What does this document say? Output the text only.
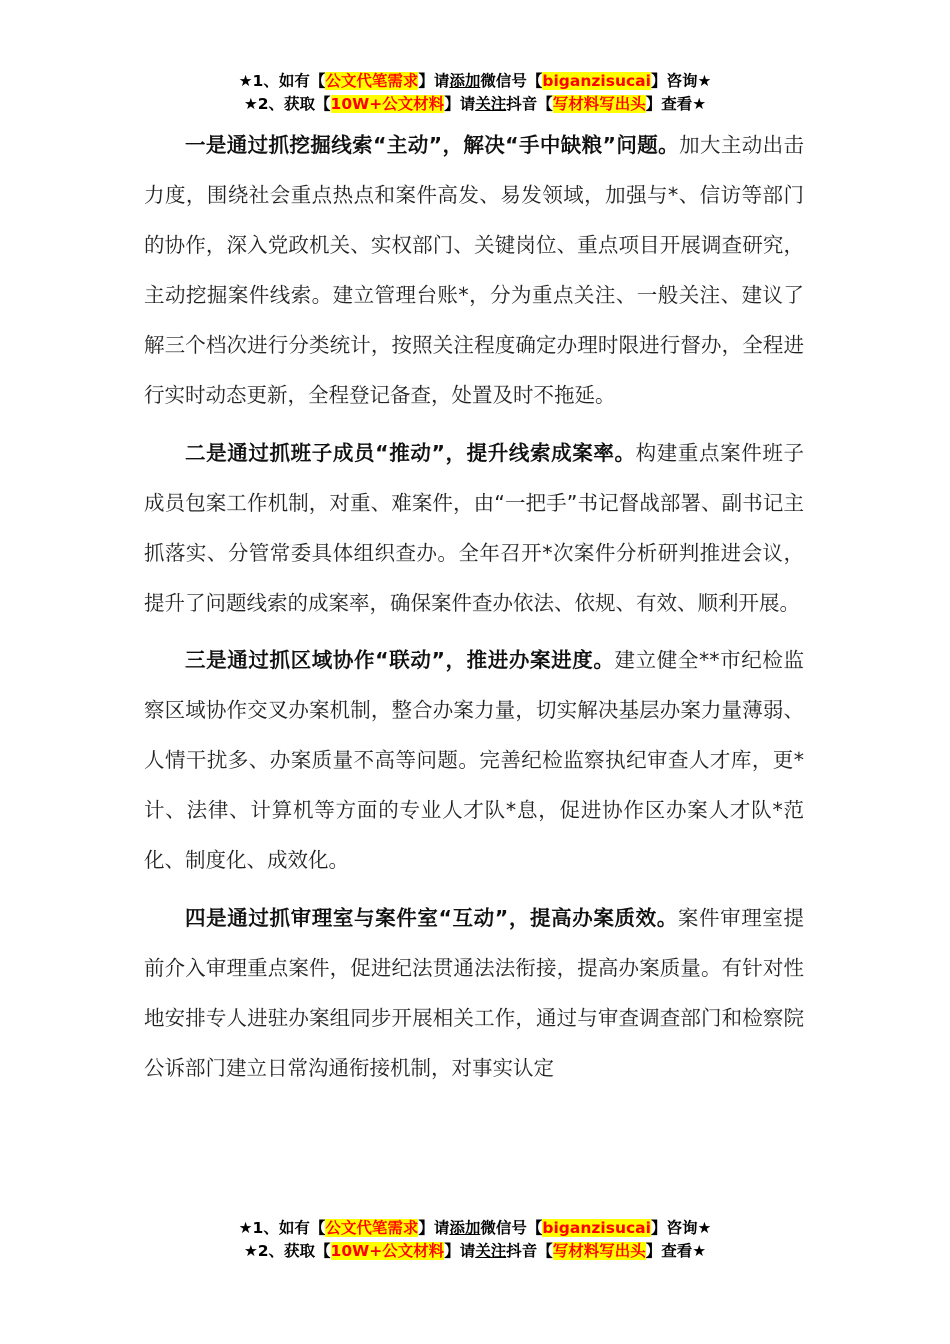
★1、如有【公文代笔需求】请添加微信号【biganzisucai】咨询★
★2、获取【10W+公文材料】请关注抖音【写材料写出头】查看★

一是通过抓挖掘线索“主动”，解决“手中缺粮”问题。加大主动出击力度，围绕社会重点热点和案件高发、易发领域，加强与*、信访等部门的协作，深入党政机关、实权部门、关键岗位、重点项目开展调查研究，主动挖掘案件线索。建立管理台账*，分为重点关注、一般关注、建议了解三个档次进行分类统计，按照关注程度确定办理时限进行督办，全程进行实时动态更新，全程登记备查，处置及时不拖延。

二是通过抓班子成员“推动”，提升线索成案率。构建重点案件班子成员包案工作机制，对重、难案件，由“一把手”书记督战部署、副书记主抓落实、分管常委具体组织查办。全年召开*次案件分析研判推进会议，提升了问题线索的成案率，确保案件查办依法、依规、有效、顺利开展。

三是通过抓区域协作“联动”，推进办案进度。建立健全**市纪检监察区域协作交叉办案机制，整合办案力量，切实解决基层办案力量薄弱、人情干扰多、办案质量不高等问题。完善纪检监察执纪审查人才库，更*计、法律、计算机等方面的专业人才队*息，促进协作区办案人才队*范化、制度化、成效化。

四是通过抓审理室与案件室“互动”，提高办案质效。案件审理室提前介入审理重点案件，促进纪法贯通法法衔接，提高办案质量。有针对性地安排专人进驻办案组同步开展相关工作，通过与审查调查部门和检察院公诉部门建立日常沟通衔接机制，对事实认定

★1、如有【公文代笔需求】请添加微信号【biganzisucai】咨询★
★2、获取【10W+公文材料】请关注抖音【写材料写出头】查看★
